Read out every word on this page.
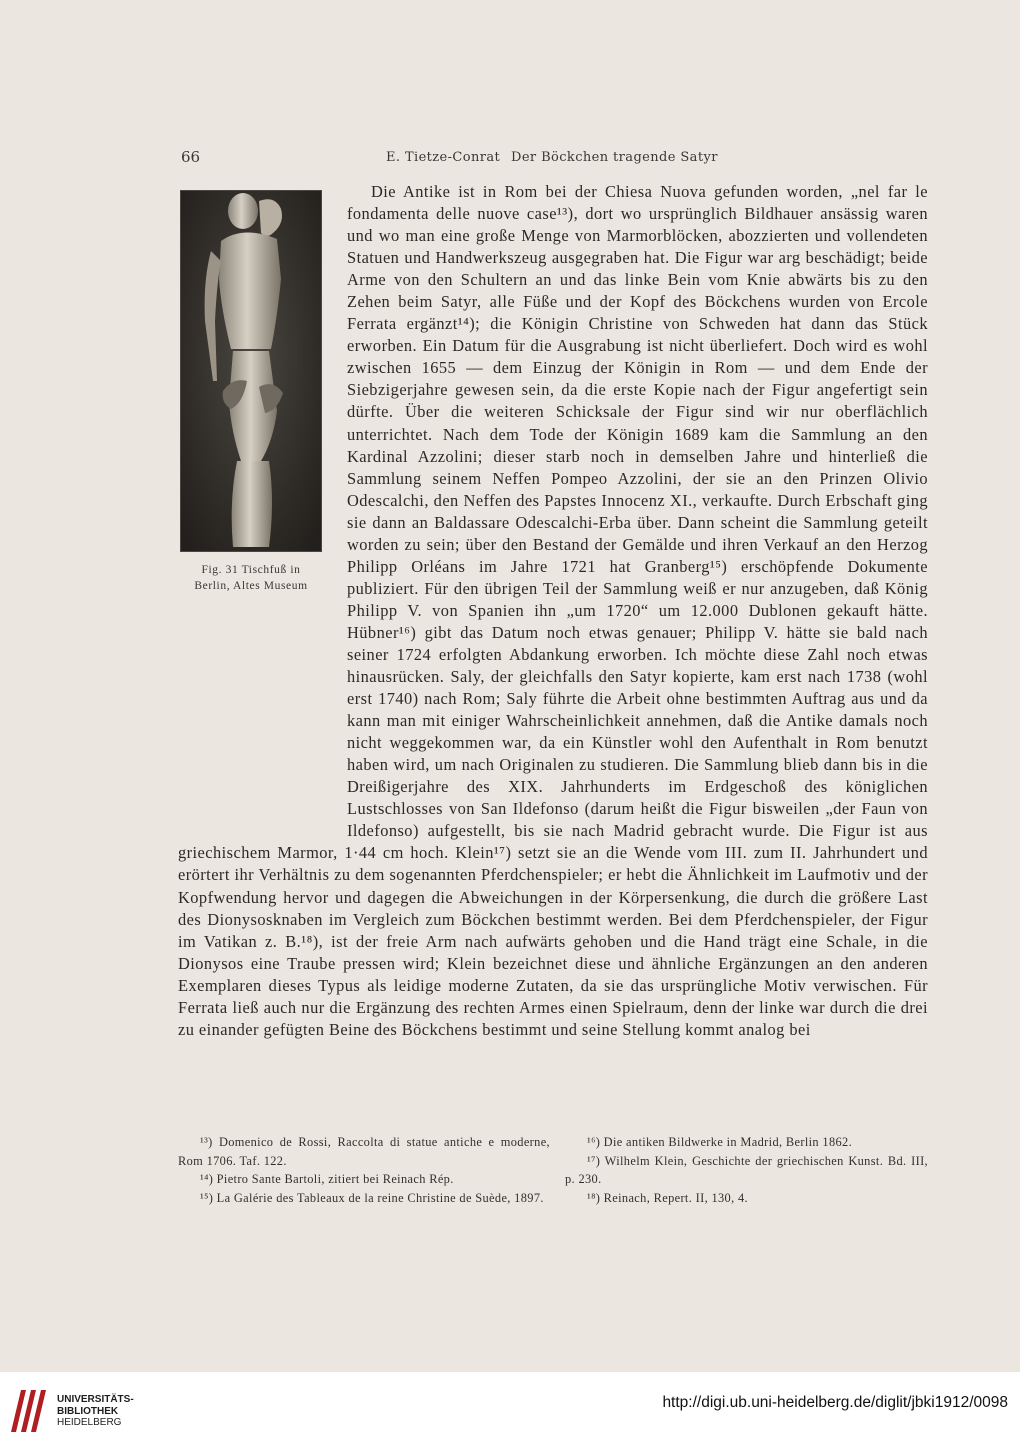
66	E. Tietze-Conrat Der Böckchen tragende Satyr
Fig. 31 Tischfuß in
Berlin, Altes Museum

Die Antike ist in Rom bei der Chiesa Nuova gefunden worden, „nel far le fondamenta delle nuove case¹³), dort wo ursprünglich Bildhauer ansässig waren und wo man eine große Menge von Marmorblöcken, abozzierten und vollendeten Statuen und Handwerkszeug ausgegraben hat. Die Figur war arg beschädigt; beide Arme von den Schultern an und das linke Bein vom Knie abwärts bis zu den Zehen beim Satyr, alle Füße und der Kopf des Böckchens wurden von Ercole Ferrata ergänzt¹⁴); die Königin Christine von Schweden hat dann das Stück erworben. Ein Datum für die Ausgrabung ist nicht überliefert. Doch wird es wohl zwischen 1655 — dem Einzug der Königin in Rom — und dem Ende der Siebzigerjahre gewesen sein, da die erste Kopie nach der Figur angefertigt sein dürfte. Über die weiteren Schicksale der Figur sind wir nur oberflächlich unterrichtet. Nach dem Tode der Königin 1689 kam die Sammlung an den Kardinal Azzolini; dieser starb noch in demselben Jahre und hinterließ die Sammlung seinem Neffen Pompeo Azzolini, der sie an den Prinzen Olivio Odescalchi, den Neffen des Papstes Innocenz XI., verkaufte. Durch Erbschaft ging sie dann an Baldassare Odescalchi-Erba über. Dann scheint die Sammlung geteilt worden zu sein; über den Bestand der Gemälde und ihren Verkauf an den Herzog Philipp Orléans im Jahre 1721 hat Granberg¹⁵) erschöpfende Dokumente publiziert. Für den übrigen Teil der Sammlung weiß er nur anzugeben, daß König Philipp V. von Spanien ihn „um 1720“ um 12.000 Dublonen gekauft hätte. Hübner¹⁶) gibt das Datum noch etwas genauer; Philipp V. hätte sie bald nach seiner 1724 erfolgten Abdankung erworben. Ich möchte diese Zahl noch etwas hinausrücken. Saly, der gleichfalls den Satyr kopierte, kam erst nach 1738 (wohl erst 1740) nach Rom; Saly führte die Arbeit ohne bestimmten Auftrag aus und da kann man mit einiger Wahrscheinlichkeit annehmen, daß die Antike damals noch nicht weggekommen war, da ein Künstler wohl den Aufenthalt in Rom benutzt haben wird, um nach Originalen zu studieren. Die Sammlung blieb dann bis in die Dreißigerjahre des XIX. Jahrhunderts im Erdgeschoß des königlichen Lustschlosses von San Ildefonso (darum heißt die Figur bisweilen „der Faun von Ildefonso) aufgestellt, bis sie nach Madrid gebracht wurde. Die Figur ist aus griechischem Marmor, 1·44 cm hoch. Klein¹⁷) setzt sie an die Wende vom III. zum II. Jahrhundert und erörtert ihr Verhältnis zu dem sogenannten Pferdchenspieler; er hebt die Ähnlichkeit im Laufmotiv und der Kopfwendung hervor und dagegen die Abweichungen in der Körpersenkung, die durch die größere Last des Dionysosknaben im Vergleich zum Böckchen bestimmt werden. Bei dem Pferdchenspieler, der Figur im Vatikan z. B.¹⁸), ist der freie Arm nach aufwärts gehoben und die Hand trägt eine Schale, in die Dionysos eine Traube pressen wird; Klein bezeichnet diese und ähnliche Ergänzungen an den anderen Exemplaren dieses Typus als leidige moderne Zutaten, da sie das ursprüngliche Motiv verwischen. Für Ferrata ließ auch nur die Ergänzung des rechten Armes einen Spielraum, denn der linke war durch die drei zu einander gefügten Beine des Böckchens bestimmt und seine Stellung kommt analog bei

¹³) Domenico de Rossi, Raccolta di statue antiche e moderne, Rom 1706. Taf. 122.

¹⁴) Pietro Sante Bartoli, zitiert bei Reinach Rép.

¹⁵) La Galérie des Tableaux de la reine Christine de Suède, 1897.

¹⁶) Die antiken Bildwerke in Madrid, Berlin 1862.

¹⁷) Wilhelm Klein, Geschichte der griechischen Kunst. Bd. III, p. 230.

¹⁸) Reinach, Repert. II, 130, 4.

UNIVERSITÄTS-
BIBLIOTHEK
HEIDELBERG
http://digi.ub.uni-heidelberg.de/diglit/jbki1912/0098
